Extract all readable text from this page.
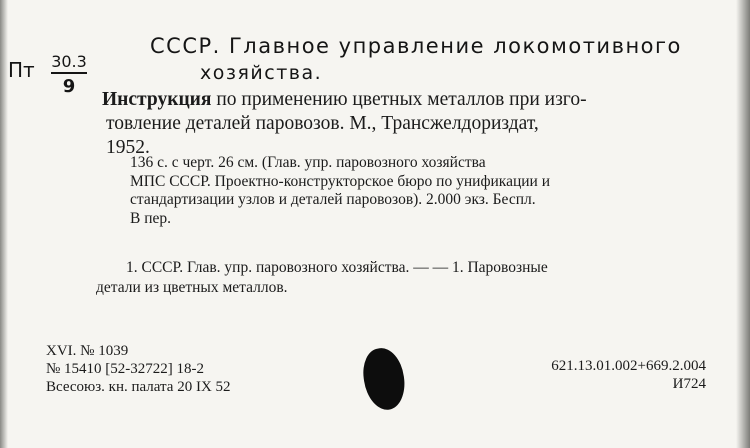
СССР. Главное управление локомотивного
хозяйства.
Пт 30.3
9
Инструкция по применению цветных металлов при изго-
товление деталей паровозов. М., Трансжелдориздат,
1952.
136 с. с черт. 26 см. (Глав. упр. паровозного хозяйства
МПС СССР. Проектно-конструкторское бюро по унификации и
стандартизации узлов и деталей паровозов). 2.000 экз. Беспл.
В пер.
1. СССР. Глав. упр. паровозного хозяйства. — — 1. Паровозные
детали из цветных металлов.
XVI. № 1039
№ 15410 [52-32722] 18-2
Всесоюз. кн. палата 20 IX 52
621.13.01.002+669.2.004
И724
